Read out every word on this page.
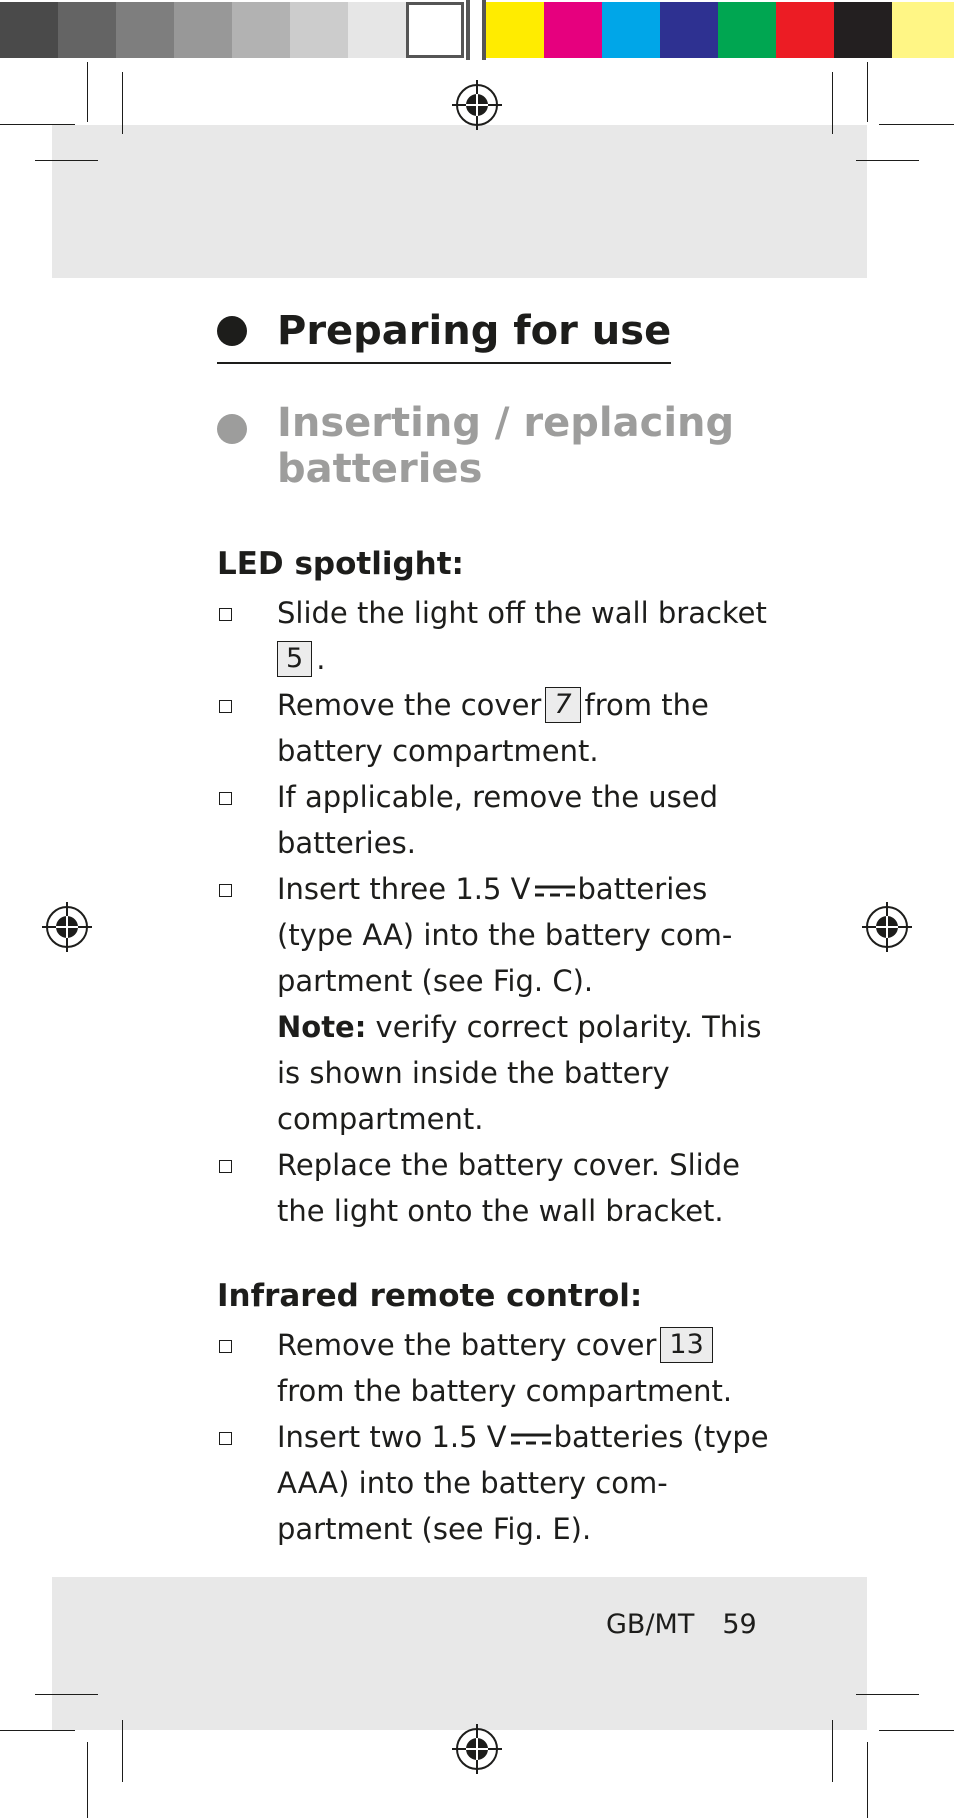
Preparing for use
Inserting / replacing
batteries
LED spotlight:
Slide the light off the wall bracket
5 .
Remove the cover 7 from the battery compartment.
If applicable, remove the used batteries.
Insert three 1.5 V batteries (type AA) into the battery com-partment (see Fig. C).
Note: verify correct polarity. This is shown inside the battery compartment.
Replace the battery cover. Slide the light onto the wall bracket.
Infrared remote control:
Remove the battery cover 13
from the battery compartment.
Insert two 1.5 V batteries (type AAA) into the battery com-partment (see Fig. E).
GB/MT 59
